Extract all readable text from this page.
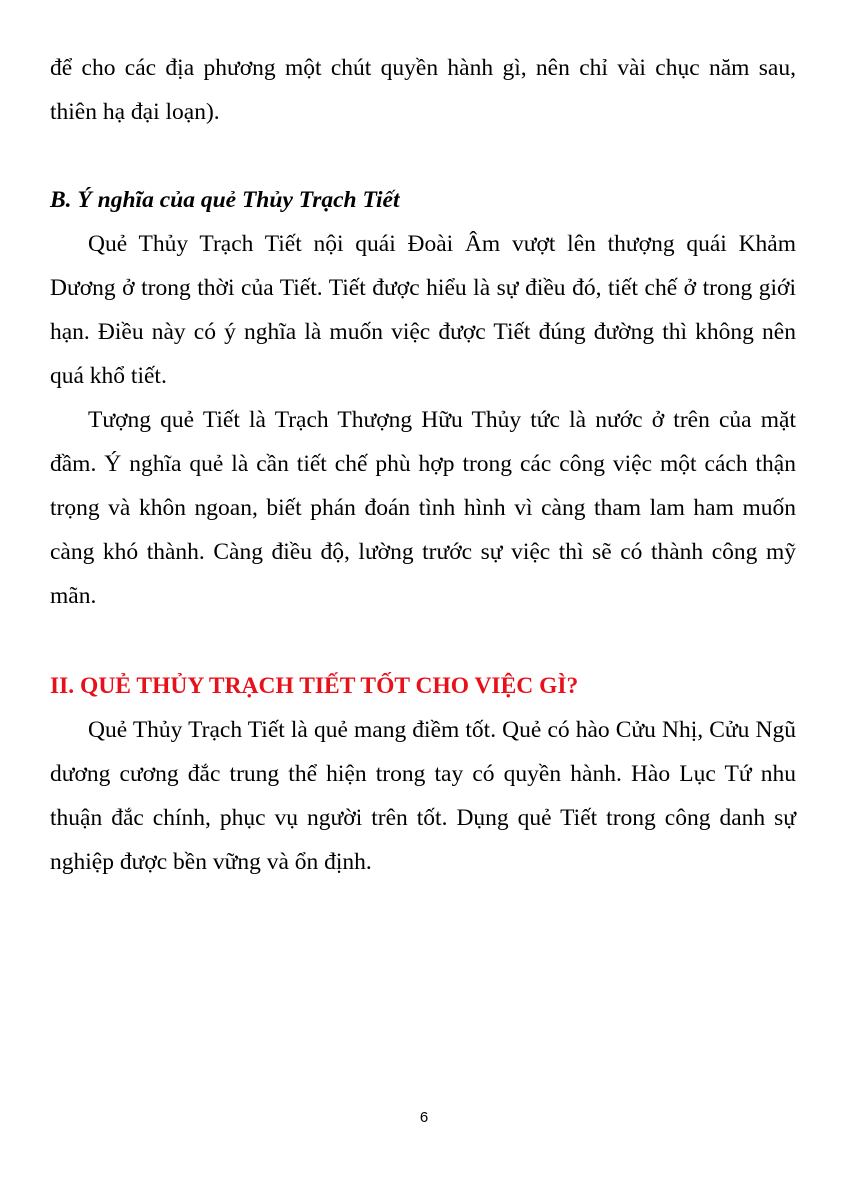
để cho các địa phương một chút quyền hành gì, nên chỉ vài chục năm sau, thiên hạ đại loạn).

B. Ý nghĩa của quẻ Thủy Trạch Tiết

Quẻ Thủy Trạch Tiết nội quái Đoài Âm vượt lên thượng quái Khảm Dương ở trong thời của Tiết. Tiết được hiểu là sự điều đó, tiết chế ở trong giới hạn. Điều này có ý nghĩa là muốn việc được Tiết đúng đường thì không nên quá khổ tiết.

Tượng quẻ Tiết là Trạch Thượng Hữu Thủy tức là nước ở trên của mặt đầm. Ý nghĩa quẻ là cần tiết chế phù hợp trong các công việc một cách thận trọng và khôn ngoan, biết phán đoán tình hình vì càng tham lam ham muốn càng khó thành. Càng điều độ, lường trước sự việc thì sẽ có thành công mỹ mãn.

II. QUẺ THỦY TRẠCH TIẾT TỐT CHO VIỆC GÌ?

Quẻ Thủy Trạch Tiết là quẻ mang điềm tốt. Quẻ có hào Cửu Nhị, Cửu Ngũ dương cương đắc trung thể hiện trong tay có quyền hành. Hào Lục Tứ nhu thuận đắc chính, phục vụ người trên tốt. Dụng quẻ Tiết trong công danh sự nghiệp được bền vững và ổn định.

6
